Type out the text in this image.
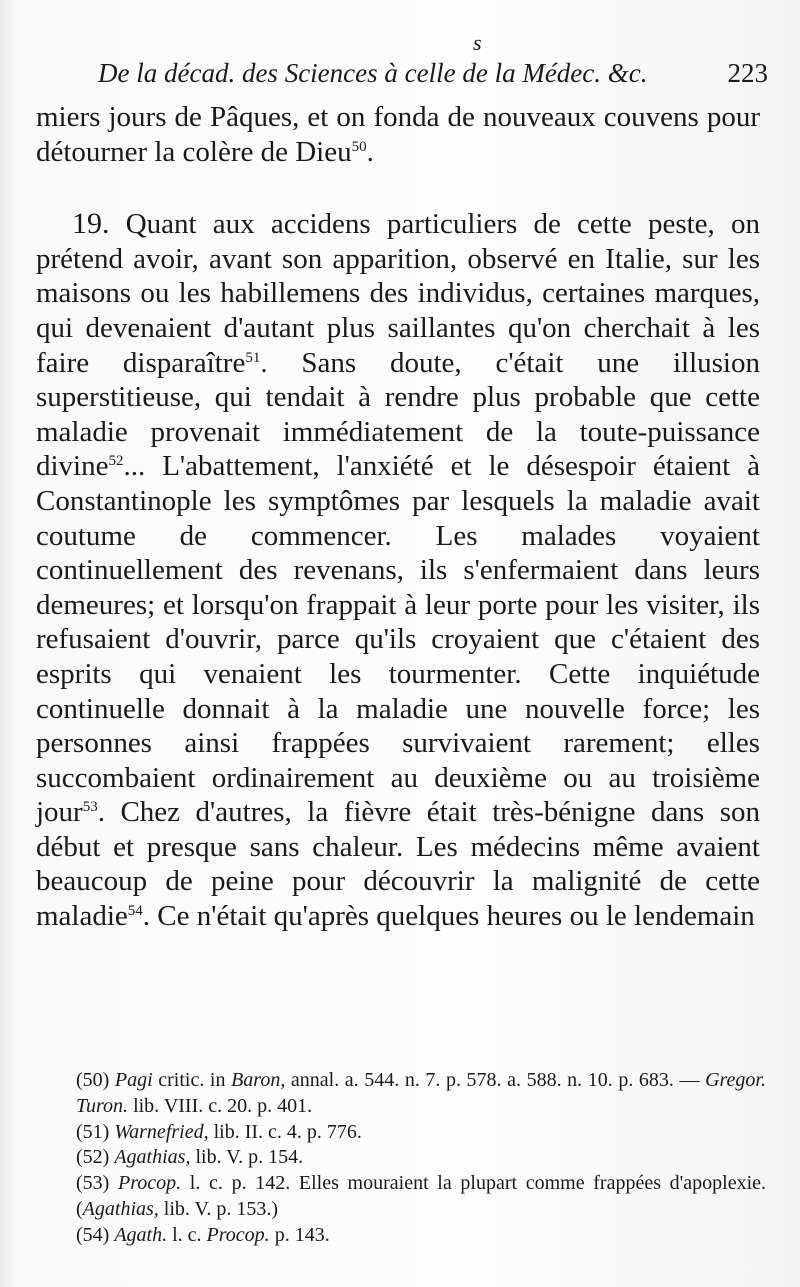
s
De la décad. des Sciences à celle de la Médec. &c.	223

miers jours de Pâques, et on fonda de nouveaux couvens pour détourner la colère de Dieu$^{50}$.

19. Quant aux accidens particuliers de cette peste, on prétend avoir, avant son apparition, observé en Italie, sur les maisons ou les habillemens des individus, certaines marques, qui devenaient d'autant plus saillantes qu'on cherchait à les faire disparaître$^{51}$. Sans doute, c'était une illusion superstitieuse, qui tendait à rendre plus probable que cette maladie provenait immédiatement de la toute-puissance divine$^{52}$... L'abattement, l'anxiété et le désespoir étaient à Constantinople les symptômes par lesquels la maladie avait coutume de commencer. Les malades voyaient continuellement des revenans, ils s'enfermaient dans leurs demeures; et lorsqu'on frappait à leur porte pour les visiter, ils refusaient d'ouvrir, parce qu'ils croyaient que c'étaient des esprits qui venaient les tourmenter. Cette inquiétude continuelle donnait à la maladie une nouvelle force; les personnes ainsi frappées survivaient rarement; elles succombaient ordinairement au deuxième ou au troisième jour$^{53}$. Chez d'autres, la fièvre était très-bénigne dans son début et presque sans chaleur. Les médecins même avaient beaucoup de peine pour découvrir la malignité de cette maladie$^{54}$. Ce n'était qu'après quelques heures ou le lendemain

(50) Pagi critic. in Baron, annal. a. 544. n. 7. p. 578. a. 588. n. 10. p. 683. — Gregor. Turon. lib. VIII. c. 20. p. 401.

(51) Warnefried, lib. II. c. 4. p. 776.

(52) Agathias, lib. V. p. 154.

(53) Procop. l. c. p. 142. Elles mouraient la plupart comme frappées d'apoplexie. (Agathias, lib. V. p. 153.)

(54) Agath. l. c. Procop. p. 143.
